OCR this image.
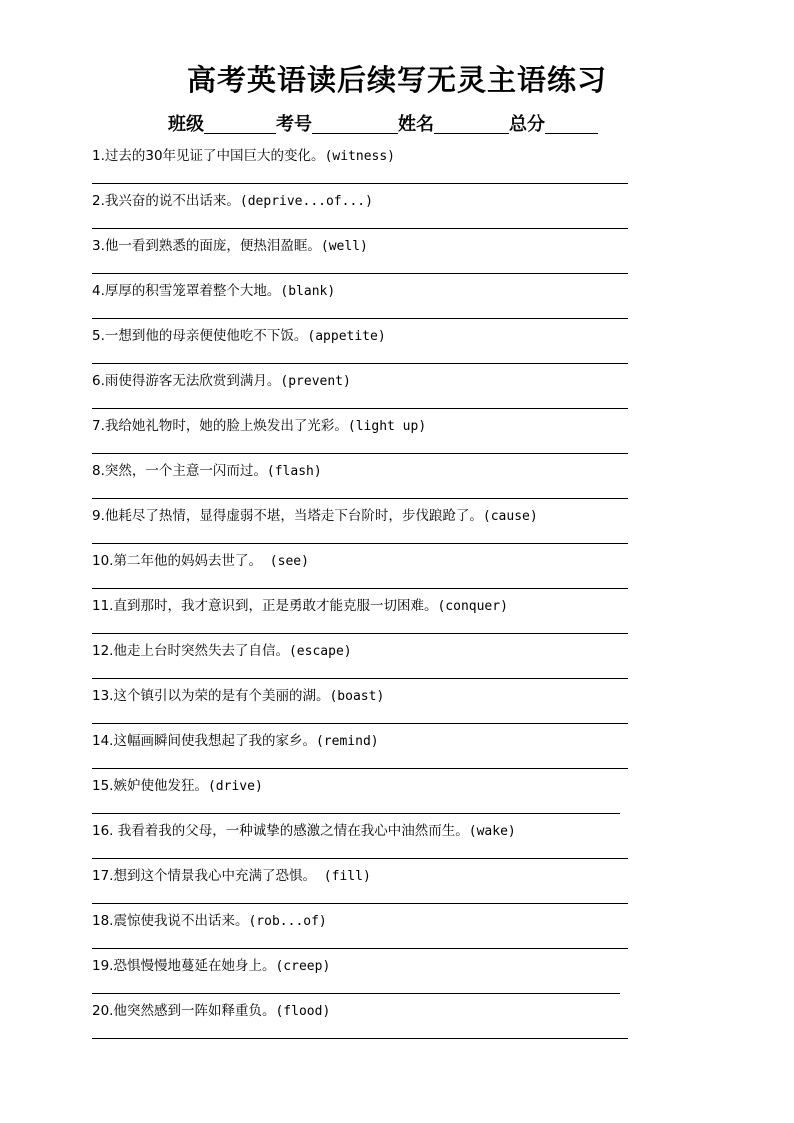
高考英语读后续写无灵主语练习
班级	考号	姓名	总分
1.过去的30年见证了中国巨大的变化。(witness)
2.我兴奋的说不出话来。(deprive...of...)
3.他一看到熟悉的面庞，便热泪盈眶。(well)
4.厚厚的积雪笼罩着整个大地。(blank)
5.一想到他的母亲便使他吃不下饭。(appetite)
6.雨使得游客无法欣赏到满月。(prevent)
7.我给她礼物时，她的脸上焕发出了光彩。(light up)
8.突然，一个主意一闪而过。(flash)
9.他耗尽了热情，显得虚弱不堪，当塔走下台阶时，步伐踉跄了。(cause)
10.第二年他的妈妈去世了。 (see)
11.直到那时，我才意识到，正是勇敢才能克服一切困难。(conquer)
12.他走上台时突然失去了自信。(escape)
13.这个镇引以为荣的是有个美丽的湖。(boast)
14.这幅画瞬间使我想起了我的家乡。(remind)
15.嫉妒使他发狂。(drive)
16. 我看着我的父母，一种诚挚的感激之情在我心中油然而生。(wake)
17.想到这个情景我心中充满了恐惧。 (fill)
18.震惊使我说不出话来。(rob...of)
19.恐惧慢慢地蔓延在她身上。(creep)
20.他突然感到一阵如释重负。(flood)
